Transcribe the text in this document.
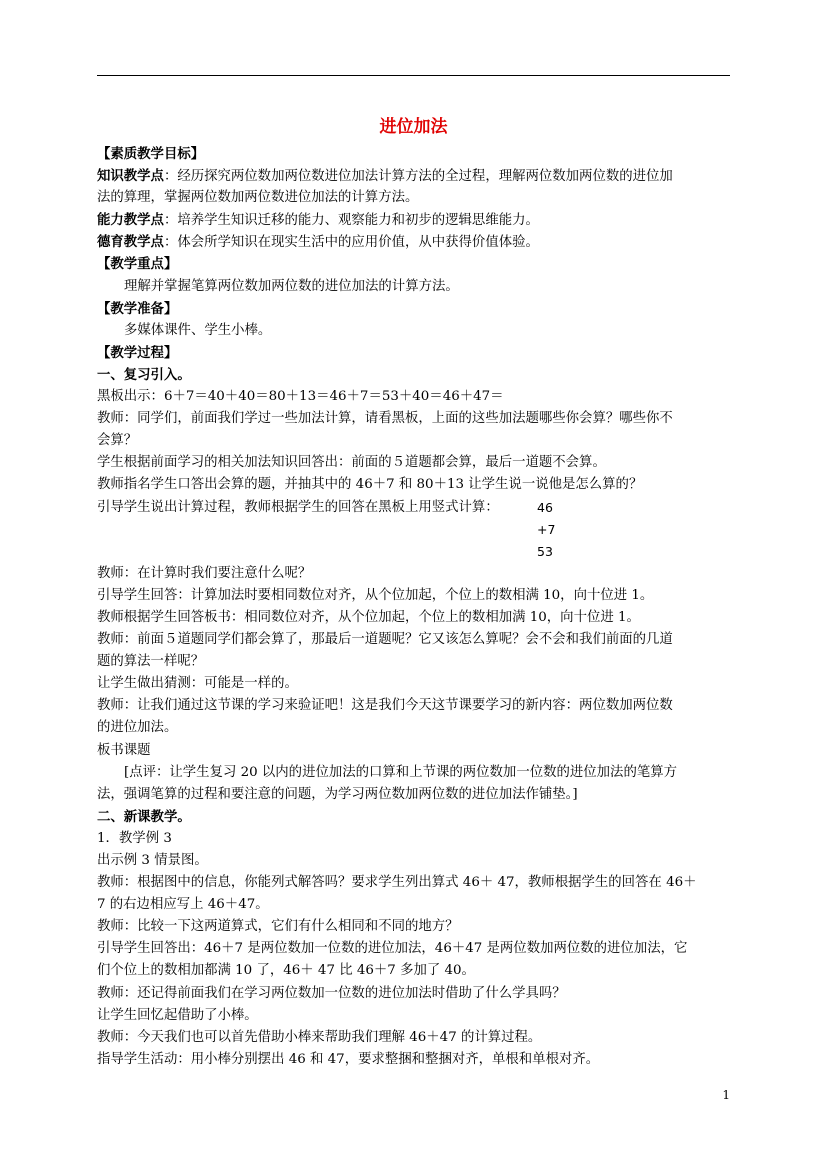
进位加法
【素质教学目标】
知识教学点：经历探究两位数加两位数进位加法计算方法的全过程，理解两位数加两位数的进位加
法的算理，掌握两位数加两位数进位加法的计算方法。
能力教学点：培养学生知识迁移的能力、观察能力和初步的逻辑思维能力。
德育教学点：体会所学知识在现实生活中的应用价值，从中获得价值体验。
【教学重点】
理解并掌握笔算两位数加两位数的进位加法的计算方法。
【教学准备】
多媒体课件、学生小棒。
【教学过程】
一、复习引入。
黑板出示：6＋7＝40＋40＝80＋13＝46＋7＝53＋40＝46＋47＝
教师：同学们，前面我们学过一些加法计算，请看黑板，上面的这些加法题哪些你会算？哪些你不
会算？
学生根据前面学习的相关加法知识回答出：前面的５道题都会算，最后一道题不会算。
教师指名学生口答出会算的题，并抽其中的 46＋7 和 80＋13 让学生说一说他是怎么算的？
引导学生说出计算过程，教师根据学生的回答在黑板上用竖式计算：	46
+7
53
教师：在计算时我们要注意什么呢？
引导学生回答：计算加法时要相同数位对齐，从个位加起，个位上的数相满 10，向十位进 1。
教师根据学生回答板书：相同数位对齐，从个位加起，个位上的数相加满 10，向十位进 1。
教师：前面５道题同学们都会算了，那最后一道题呢？它又该怎么算呢？会不会和我们前面的几道
题的算法一样呢？
让学生做出猜测：可能是一样的。
教师：让我们通过这节课的学习来验证吧！这是我们今天这节课要学习的新内容：两位数加两位数
的进位加法。
板书课题
[点评：让学生复习 20 以内的进位加法的口算和上节课的两位数加一位数的进位加法的笔算方
法，强调笔算的过程和要注意的问题，为学习两位数加两位数的进位加法作铺垫。]
二、新课教学。
1．教学例 3
出示例 3 情景图。
教师：根据图中的信息，你能列式解答吗？要求学生列出算式 46＋ 47，教师根据学生的回答在 46＋
7 的右边相应写上 46＋47。
教师：比较一下这两道算式，它们有什么相同和不同的地方？
引导学生回答出：46＋7 是两位数加一位数的进位加法，46＋47 是两位数加两位数的进位加法，它
们个位上的数相加都满 10 了，46＋ 47 比 46＋7 多加了 40。
教师：还记得前面我们在学习两位数加一位数的进位加法时借助了什么学具吗？
让学生回忆起借助了小棒。
教师：今天我们也可以首先借助小棒来帮助我们理解 46＋47 的计算过程。
指导学生活动：用小棒分别摆出 46 和 47，要求整捆和整捆对齐，单根和单根对齐。
1
